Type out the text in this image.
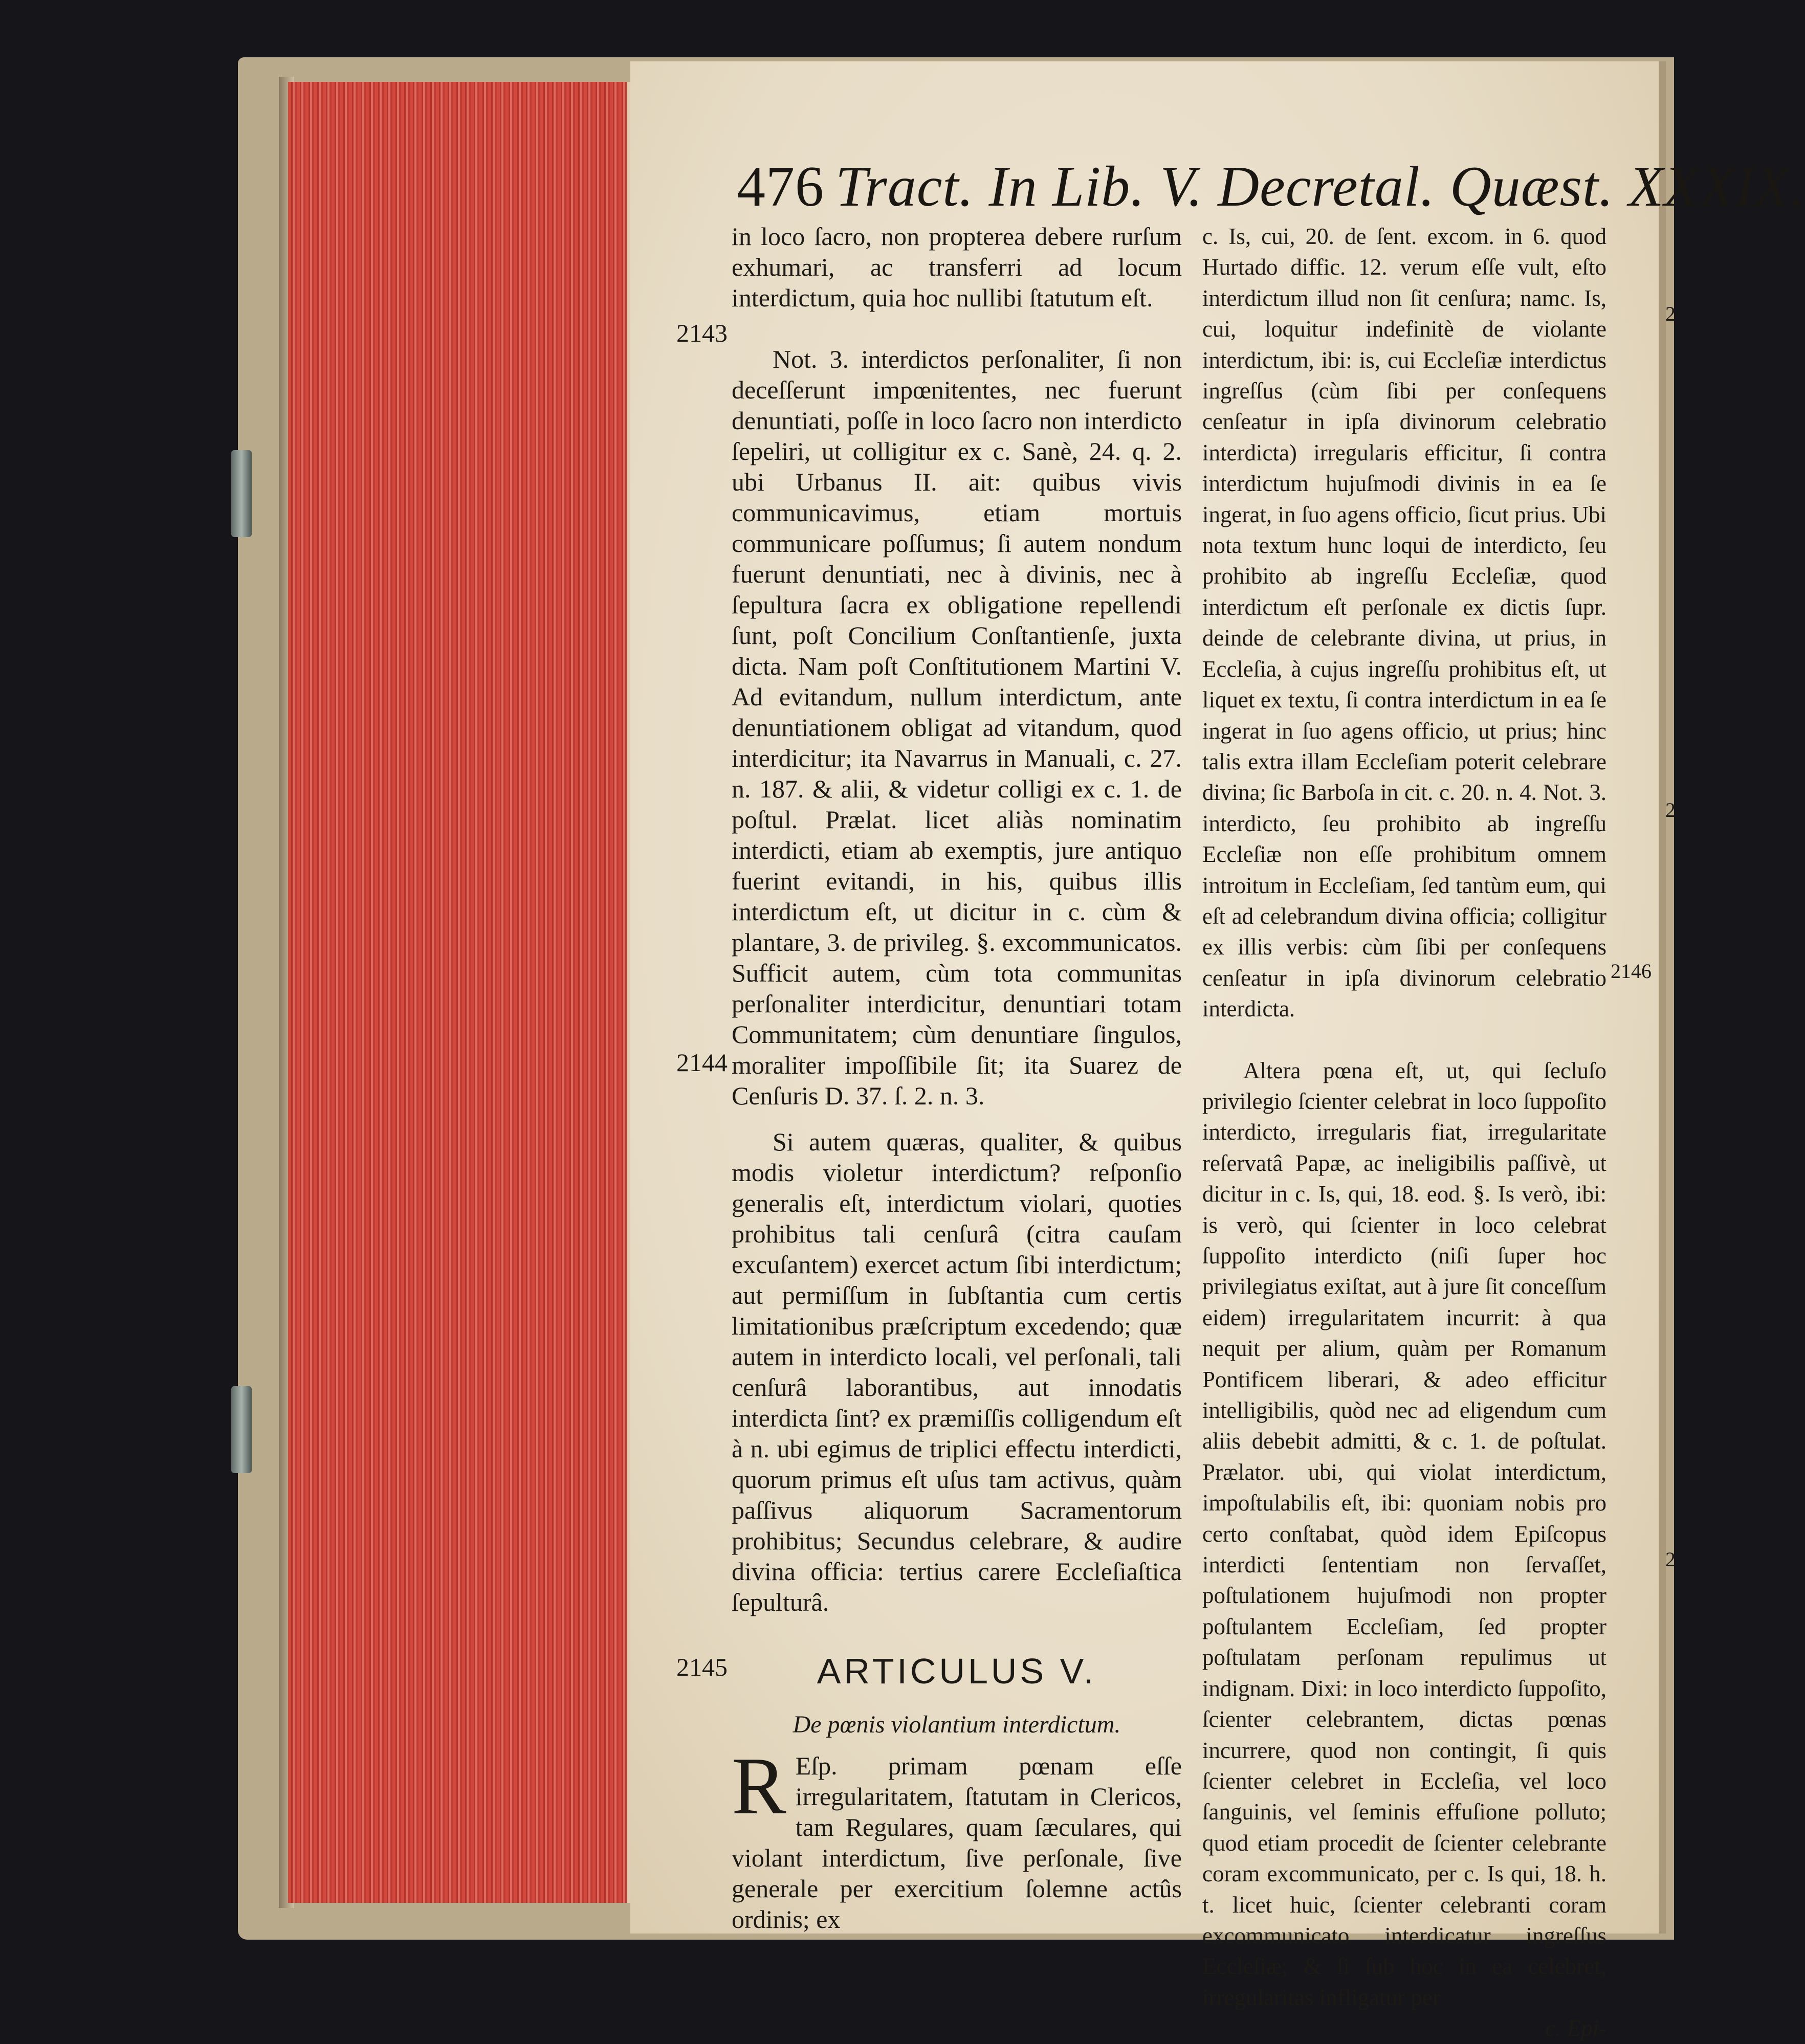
476 Tract. In Lib. V. Decretal. Quæst. XXXIX.
2143
2144
2145
2146

in loco ſacro, non propterea debere rurſum exhumari, ac transferri ad locum interdictum, quia hoc nullibi ſtatutum eſt.

Not. 3. interdictos perſonaliter, ſi non deceſſerunt impœnitentes, nec fuerunt denuntiati, poſſe in loco ſacro non interdicto ſepeliri, ut colligitur ex c. Sanè, 24. q. 2. ubi Urbanus II. ait: quibus vivis communicavimus, etiam mortuis communicare poſſumus; ſi autem nondum fuerunt denuntiati, nec à divinis, nec à ſepultura ſacra ex obligatione repellendi ſunt, poſt Concilium Conſtantienſe, juxta dicta. Nam poſt Conſtitutionem Martini V. Ad evitandum, nullum interdictum, ante denuntiationem obligat ad vitandum, quod interdicitur; ita Navarrus in Manuali, c. 27. n. 187. & alii, & videtur colligi ex c. 1. de poſtul. Prælat. licet aliàs nominatim interdicti, etiam ab exemptis, jure antiquo fuerint evitandi, in his, quibus illis interdictum eſt, ut dicitur in c. cùm & plantare, 3. de privileg. §. excommunicatos. Sufficit autem, cùm tota communitas perſonaliter interdicitur, denuntiari totam Communitatem; cùm denuntiare ſingulos, moraliter impoſſibile ſit; ita Suarez de Cenſuris D. 37. ſ. 2. n. 3.

Si autem quæras, qualiter, & quibus modis violetur interdictum? reſponſio generalis eſt, interdictum violari, quoties prohibitus tali cenſurâ (citra cauſam excuſantem) exercet actum ſibi interdictum; aut permiſſum in ſubſtantia cum certis limitationibus præſcriptum excedendo; quæ autem in interdicto locali, vel perſonali, tali cenſurâ laborantibus, aut innodatis interdicta ſint? ex præmiſſis colligendum eſt à n. ubi egimus de triplici effectu interdicti, quorum primus eſt uſus tam activus, quàm paſſivus aliquorum Sacramentorum prohibitus; Secundus celebrare, & audire divina officia: tertius carere Eccleſiaſtica ſepulturâ.

ARTICULUS V.
De pœnis violantium interdictum.

R Eſp. primam pœnam eſſe irregularitatem, ſtatutam in Clericos, tam Regulares, quam ſæculares, qui violant interdictum, ſive perſonale, ſive generale per exercitium ſolemne actûs ordinis; ex

c. Is, cui, 20. de ſent. excom. in 6. quod Hurtado diffic. 12. verum eſſe vult, eſto interdictum illud non ſit cenſura; namc. Is, cui, loquitur indefinitè de violante interdictum, ibi: is, cui Eccleſiæ interdictus ingreſſus (cùm ſibi per conſequens cenſeatur in ipſa divinorum celebratio interdicta) irregularis efficitur, ſi contra interdictum hujuſmodi divinis in ea ſe ingerat, in ſuo agens officio, ſicut prius. Ubi nota textum hunc loqui de interdicto, ſeu prohibito ab ingreſſu Eccleſiæ, quod interdictum eſt perſonale ex dictis ſupr. deinde de celebrante divina, ut prius, in Eccleſia, à cujus ingreſſu prohibitus eſt, ut liquet ex textu, ſi contra interdictum in ea ſe ingerat in ſuo agens officio, ut prius; hinc talis extra illam Eccleſiam poterit celebrare divina; ſic Barboſa in cit. c. 20. n. 4. Not. 3. interdicto, ſeu prohibito ab ingreſſu Eccleſiæ non eſſe prohibitum omnem introitum in Eccleſiam, ſed tantùm eum, qui eſt ad celebrandum divina officia; colligitur ex illis verbis: cùm ſibi per conſequens cenſeatur in ipſa divinorum celebratio interdicta.

Altera pœna eſt, ut, qui ſecluſo privilegio ſcienter celebrat in loco ſuppoſito interdicto, irregularis fiat, irregularitate reſervatâ Papæ, ac ineligibilis paſſivè, ut dicitur in c. Is, qui, 18. eod. §. Is verò, ibi: is verò, qui ſcienter in loco celebrat ſuppoſito interdicto (niſi ſuper hoc privilegiatus exiſtat, aut à jure ſit conceſſum eidem) irregularitatem incurrit: à qua nequit per alium, quàm per Romanum Pontificem liberari, & adeo efficitur intelligibilis, quòd nec ad eligendum cum aliis debebit admitti, & c. 1. de poſtulat. Prælator. ubi, qui violat interdictum, impoſtulabilis eſt, ibi: quoniam nobis pro certo conſtabat, quòd idem Epiſcopus interdicti ſententiam non ſervaſſet, poſtulationem hujuſmodi non propter poſtulantem Eccleſiam, ſed propter poſtulatam perſonam repulimus ut indignam. Dixi: in loco interdicto ſuppoſito, ſcienter celebrantem, dictas pœnas incurrere, quod non contingit, ſi quis ſcienter celebret in Eccleſia, vel loco ſanguinis, vel ſeminis effuſione polluto; quod etiam procedit de ſcienter celebrante coram excommunicato, per c. Is qui, 18. h. t. licet huic, ſcienter celebranti coram excommunicato interdicatur ingreſſus Eccleſiæ; & ſi ſub hoc in ea celebret, irregularitas infligatur per

c. Epi-

2
2
2
